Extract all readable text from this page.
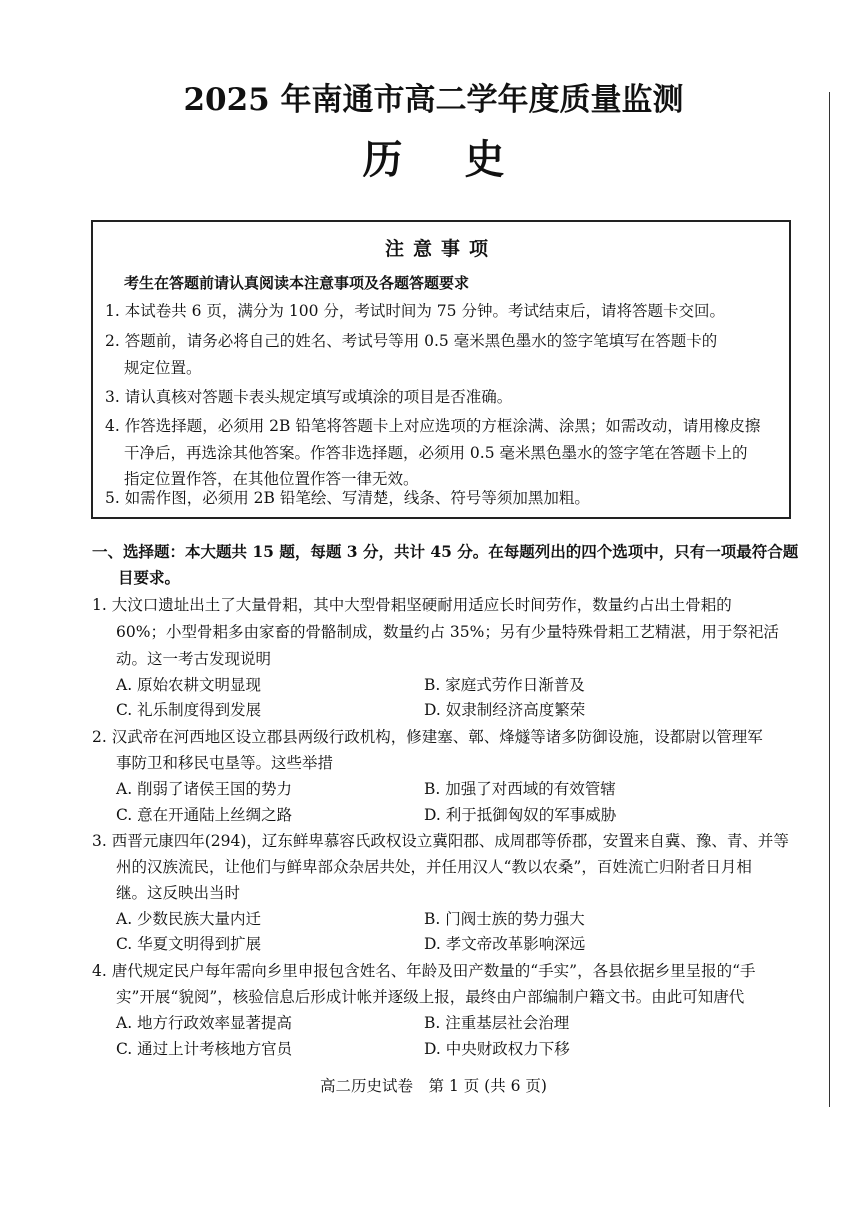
2025 年南通市高二学年度质量监测
历史
注意事项
考生在答题前请认真阅读本注意事项及各题答题要求
1. 本试卷共 6 页，满分为 100 分，考试时间为 75 分钟。考试结束后，请将答题卡交回。
2. 答题前，请务必将自己的姓名、考试号等用 0.5 毫米黑色墨水的签字笔填写在答题卡的
规定位置。
3. 请认真核对答题卡表头规定填写或填涂的项目是否准确。
4. 作答选择题，必须用 2B 铅笔将答题卡上对应选项的方框涂满、涂黑；如需改动，请用橡皮擦
干净后，再选涂其他答案。作答非选择题，必须用 0.5 毫米黑色墨水的签字笔在答题卡上的
指定位置作答，在其他位置作答一律无效。
5. 如需作图，必须用 2B 铅笔绘、写清楚，线条、符号等须加黑加粗。
一、选择题：本大题共 15 题，每题 3 分，共计 45 分。在每题列出的四个选项中，只有一项最符合题
目要求。
1. 大汶口遗址出土了大量骨耜，其中大型骨耜坚硬耐用适应长时间劳作，数量约占出土骨耜的
60%；小型骨耜多由家畜的骨骼制成，数量约占 35%；另有少量特殊骨耜工艺精湛，用于祭祀活
动。这一考古发现说明
A. 原始农耕文明显现	B. 家庭式劳作日渐普及
C. 礼乐制度得到发展	D. 奴隶制经济高度繁荣
2. 汉武帝在河西地区设立郡县两级行政机构，修建塞、鄣、烽燧等诸多防御设施，设都尉以管理军
事防卫和移民屯垦等。这些举措
A. 削弱了诸侯王国的势力	B. 加强了对西域的有效管辖
C. 意在开通陆上丝绸之路	D. 利于抵御匈奴的军事威胁
3. 西晋元康四年(294)，辽东鲜卑慕容氏政权设立冀阳郡、成周郡等侨郡，安置来自冀、豫、青、并等
州的汉族流民，让他们与鲜卑部众杂居共处，并任用汉人“教以农桑”，百姓流亡归附者日月相
继。这反映出当时
A. 少数民族大量内迁	B. 门阀士族的势力强大
C. 华夏文明得到扩展	D. 孝文帝改革影响深远
4. 唐代规定民户每年需向乡里申报包含姓名、年龄及田产数量的“手实”，各县依据乡里呈报的“手
实”开展“貌阅”，核验信息后形成计帐并逐级上报，最终由户部编制户籍文书。由此可知唐代
A. 地方行政效率显著提高	B. 注重基层社会治理
C. 通过上计考核地方官员	D. 中央财政权力下移
高二历史试卷　第 1 页 (共 6 页)
